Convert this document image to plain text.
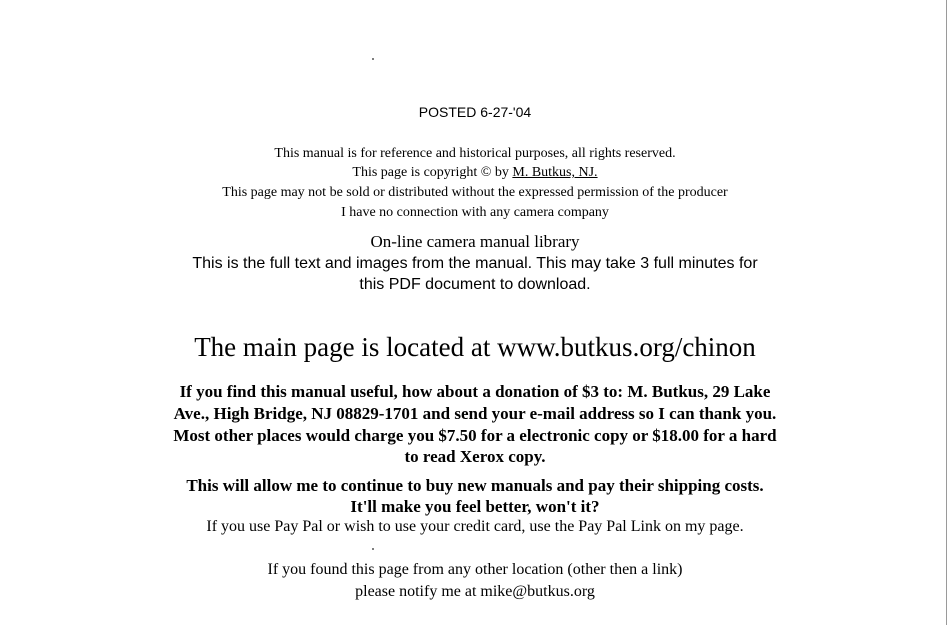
POSTED 6-27-'04
This manual is for reference and historical purposes, all rights reserved.
This page is copyright © by M. Butkus, NJ.
This page may not be sold or distributed without the expressed permission of the producer
I have no connection with any camera company
On-line camera manual library
This is the full text and images from the manual. This may take 3 full minutes for
this PDF document to download.
The main page is located at www.butkus.org/chinon
If you find this manual useful, how about a donation of $3 to: M. Butkus, 29 Lake
Ave., High Bridge, NJ 08829-1701 and send your e-mail address so I can thank you.
Most other places would charge you $7.50 for a electronic copy or $18.00 for a hard
to read Xerox copy.
This will allow me to continue to buy new manuals and pay their shipping costs.
It'll make you feel better, won't it?
If you use Pay Pal or wish to use your credit card, use the Pay Pal Link on my page.
If you found this page from any other location (other then a link)
please notify me at mike@butkus.org
